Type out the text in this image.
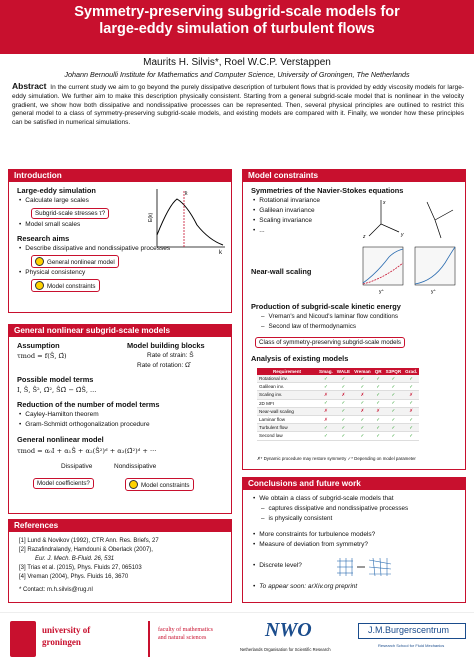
Symmetry-preserving subgrid-scale models for
large-eddy simulation of turbulent flows
Maurits H. Silvis*, Roel W.C.P. Verstappen
Johann Bernoulli Institute for Mathematics and Computer Science, University of Groningen, The Netherlands
Abstract In the current study we aim to go beyond the purely dissipative description of turbulent flows that is provided by eddy viscosity models for large-eddy simulation. We further aim to make this description physically consistent. Starting from a general subgrid-scale model that is nonlinear in the velocity gradient, we show how both dissipative and nondissipative processes can be represented. Then, several physical principles are outlined to restrict this general model to a class of symmetry-preserving subgrid-scale models, and existing models are compared with it. Finally, we wonder how these principles can be satisfied in numerical simulations.
Introduction
Large-eddy simulation
• Calculate large scales
Subgrid-scale stresses τ?
• Model small scales
Research aims
• Describe dissipative and nondissipative processes
General nonlinear model
• Physical consistency
Model constraints
E(k)
k
k̄
General nonlinear subgrid-scale models
Assumption	Model building blocks
τmod = f(Ŝ, Ω̂)	Rate of strain: Ŝ
Rate of rotation: Ω̂
Possible model terms
I, Ŝ, Ŝ², Ω̂², ŜΩ̂ − Ω̂Ŝ, ...
Reduction of the number of model terms
• Cayley-Hamilton theorem
• Gram-Schmidt orthogonalization procedure
General nonlinear model
τmod = α₀I + α₁Ŝ + α₂(Ŝ²)ᵈ + α₃(Ω̂²)ᵈ + ···
Dissipative	Nondissipative
Model coefficients?	Model constraints
References
[1] Lund & Novikov (1992), CTR Ann. Res. Briefs, 27
[2] Razafindralandy, Hamdouni & Oberlack (2007),
Eur. J. Mech. B-Fluid. 26, 531
[3] Trias et al. (2015), Phys. Fluids 27, 065103
[4] Vreman (2004), Phys. Fluids 16, 3670
* Contact: m.h.silvis@rug.nl
Model constraints
Symmetries of the Navier-Stokes equations
• Rotational invariance
• Galilean invariance
• Scaling invariance
• ...
x
y
z
Near-wall scaling
y⁺	y⁺
Production of subgrid-scale kinetic energy
– Vreman's and Nicoud's laminar flow conditions
– Second law of thermodynamics
Class of symmetry-preserving subgrid-scale models
Analysis of existing models
Requirement	Smag.	WALE	Vreman	QR	S3PQR	Grad.
Rotational inv.	✓	✓	✓	✓	✓	✓
Galilean inv.	✓	✓	✓	✓	✓	✓
Scaling inv.	✗	✗	✗	✓	✓	✗
2D MFI	✓	✓	✓	✓	✓	✓
Near-wall scaling	✗	✓	✗	✗	✓	✗
Laminar flow	✗	✓	✓	✓	✓	✓
Turbulent flow	✓	✓	✓	✓	✓	✓
Second law	✓	✓	✓	✓	✓	✓
✗* Dynamic procedure may restore symmetry ✓* Depending on model parameter
Conclusions and future work
• We obtain a class of subgrid-scale models that
– captures dissipative and nondissipative processes
– is physically consistent
• More constraints for turbulence models?
• Measure of deviation from symmetry?
• Discrete level?
• To appear soon: arXiv.org preprint
university of
groningen
faculty of mathematics
and natural sciences	NWO
Netherlands Organisation for Scientific Research
J.M.Burgerscentrum
Research School for Fluid Mechanics
